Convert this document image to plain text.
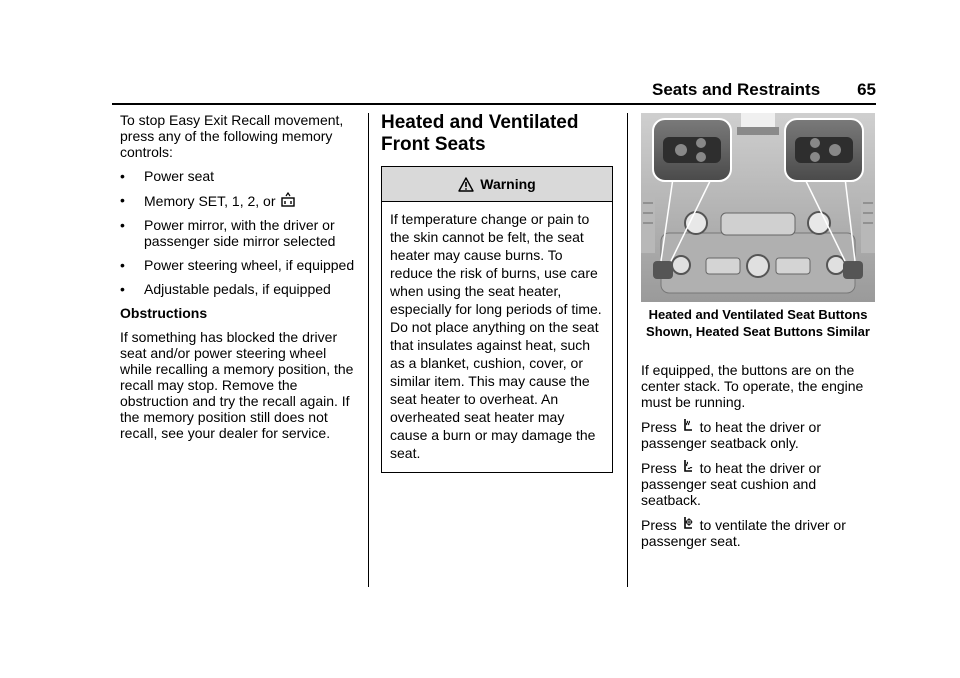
Seats and Restraints 65

To stop Easy Exit Recall movement, press any of the following memory controls:

• Power seat
• Memory SET, 1, 2, or
• Power mirror, with the driver or passenger side mirror selected
• Power steering wheel, if equipped
• Adjustable pedals, if equipped

Obstructions

If something has blocked the driver seat and/or power steering wheel while recalling a memory position, the recall may stop. Remove the obstruction and try the recall again. If the memory position still does not recall, see your dealer for service.

Heated and Ventilated
Front Seats
Warning
If temperature change or pain to the skin cannot be felt, the seat heater may cause burns. To reduce the risk of burns, use care when using the seat heater, especially for long periods of time. Do not place anything on the seat that insulates against heat, such as a blanket, cushion, cover, or similar item. This may cause the seat heater to overheat. An overheated seat heater may cause a burn or may damage the seat.
Heated and Ventilated Seat Buttons Shown, Heated Seat Buttons Similar

If equipped, the buttons are on the center stack. To operate, the engine must be running.

Press to heat the driver or passenger seatback only.

Press to heat the driver or passenger seat cushion and seatback.

Press to ventilate the driver or passenger seat.
